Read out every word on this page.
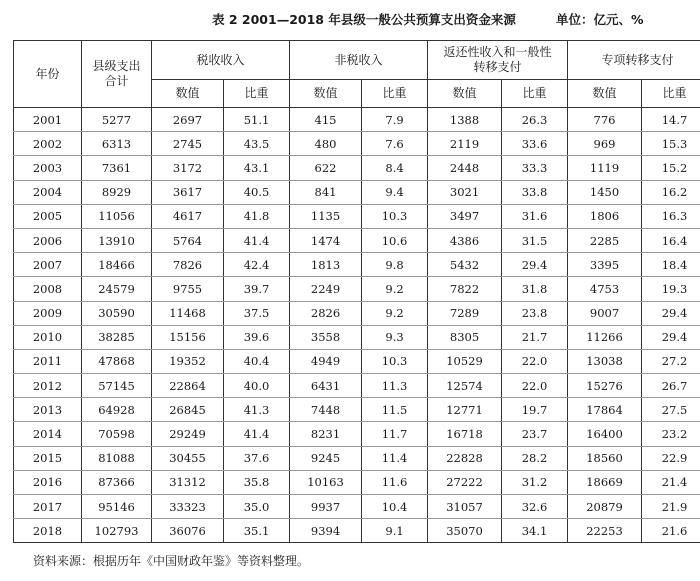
表 2 2001—2018 年县级一般公共预算支出资金来源	单位：亿元、%
年份	县级支出合计	税收收入		非税收入		返还性收入和一般性转移支付		专项转移支付	
		数值	比重	数值	比重	数值	比重	数值	比重
2001	5277	2697	51.1	415	7.9	1388	26.3	776	14.7
2002	6313	2745	43.5	480	7.6	2119	33.6	969	15.3
2003	7361	3172	43.1	622	8.4	2448	33.3	1119	15.2
2004	8929	3617	40.5	841	9.4	3021	33.8	1450	16.2
2005	11056	4617	41.8	1135	10.3	3497	31.6	1806	16.3
2006	13910	5764	41.4	1474	10.6	4386	31.5	2285	16.4
2007	18466	7826	42.4	1813	9.8	5432	29.4	3395	18.4
2008	24579	9755	39.7	2249	9.2	7822	31.8	4753	19.3
2009	30590	11468	37.5	2826	9.2	7289	23.8	9007	29.4
2010	38285	15156	39.6	3558	9.3	8305	21.7	11266	29.4
2011	47868	19352	40.4	4949	10.3	10529	22.0	13038	27.2
2012	57145	22864	40.0	6431	11.3	12574	22.0	15276	26.7
2013	64928	26845	41.3	7448	11.5	12771	19.7	17864	27.5
2014	70598	29249	41.4	8231	11.7	16718	23.7	16400	23.2
2015	81088	30455	37.6	9245	11.4	22828	28.2	18560	22.9
2016	87366	31312	35.8	10163	11.6	27222	31.2	18669	21.4
2017	95146	33323	35.0	9937	10.4	31057	32.6	20879	21.9
2018	102793	36076	35.1	9394	9.1	35070	34.1	22253	21.6
资料来源：根据历年《中国财政年鉴》等资料整理。
